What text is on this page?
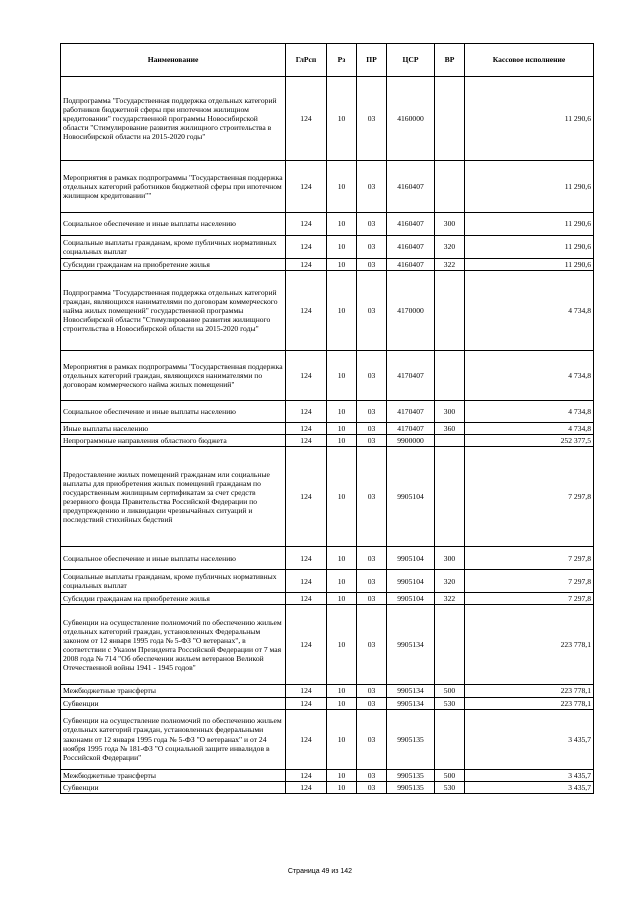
Наименование	ГлРсп	Рз	ПР	ЦСР	ВР	Кассовое исполнение
Подпрограмма "Государственная поддержка отдельных категорий работников бюджетной сферы при ипотечном жилищном кредитовании" государственной программы Новосибирской области "Стимулирование развития жилищного строительства в Новосибирской области на 2015-2020 годы"	124	10	03	4160000		11 290,6
Мероприятия в рамках подпрограммы "Государственная поддержка отдельных категорий работников бюджетной сферы при ипотечном жилищном кредитовании""	124	10	03	4160407		11 290,6
Социальное обеспечение и иные выплаты населению	124	10	03	4160407	300	11 290,6
Социальные выплаты гражданам, кроме публичных нормативных социальных выплат	124	10	03	4160407	320	11 290,6
Субсидии гражданам на приобретение жилья	124	10	03	4160407	322	11 290,6
Подпрограмма "Государственная поддержка отдельных категорий граждан, являющихся нанимателями по договорам коммерческого найма жилых помещений" государственной программы Новосибирской области "Стимулирование развития жилищного строительства в Новосибирской области на 2015-2020 годы"	124	10	03	4170000		4 734,8
Мероприятия в рамках подпрограммы "Государственная поддержка отдельных категорий граждан, являющихся нанимателями по договорам коммерческого найма жилых помещений"	124	10	03	4170407		4 734,8
Социальное обеспечение и иные выплаты населению	124	10	03	4170407	300	4 734,8
Иные выплаты населению	124	10	03	4170407	360	4 734,8
Непрограммные направления областного бюджета	124	10	03	9900000		252 377,5
Предоставление жилых помещений гражданам или социальные выплаты для приобретения жилых помещений гражданам по государственным жилищным сертификатам за счет средств резервного фонда Правительства Российской Федерации по предупреждению и ликвидации чрезвычайных ситуаций и последствий стихийных бедствий	124	10	03	9905104		7 297,8
Социальное обеспечение и иные выплаты населению	124	10	03	9905104	300	7 297,8
Социальные выплаты гражданам, кроме публичных нормативных социальных выплат	124	10	03	9905104	320	7 297,8
Субсидии гражданам на приобретение жилья	124	10	03	9905104	322	7 297,8
Субвенции на осуществление полномочий по обеспечению жильем отдельных категорий граждан, установленных Федеральным законом от 12 января 1995 года № 5-ФЗ "О ветеранах", в соответствии с Указом Президента Российской Федерации от 7 мая 2008 года № 714 "Об обеспечении жильем ветеранов Великой Отечественной войны 1941 - 1945 годов"	124	10	03	9905134		223 778,1
Межбюджетные трансферты	124	10	03	9905134	500	223 778,1
Субвенции	124	10	03	9905134	530	223 778,1
Субвенции на осуществление полномочий по обеспечению жильем отдельных категорий граждан, установленных федеральными законами от 12 января 1995 года № 5-ФЗ "О ветеранах" и от 24 ноября 1995 года № 181-ФЗ "О социальной защите инвалидов в Российской Федерации"	124	10	03	9905135		3 435,7
Межбюджетные трансферты	124	10	03	9905135	500	3 435,7
Субвенции	124	10	03	9905135	530	3 435,7
Страница 49 из 142
